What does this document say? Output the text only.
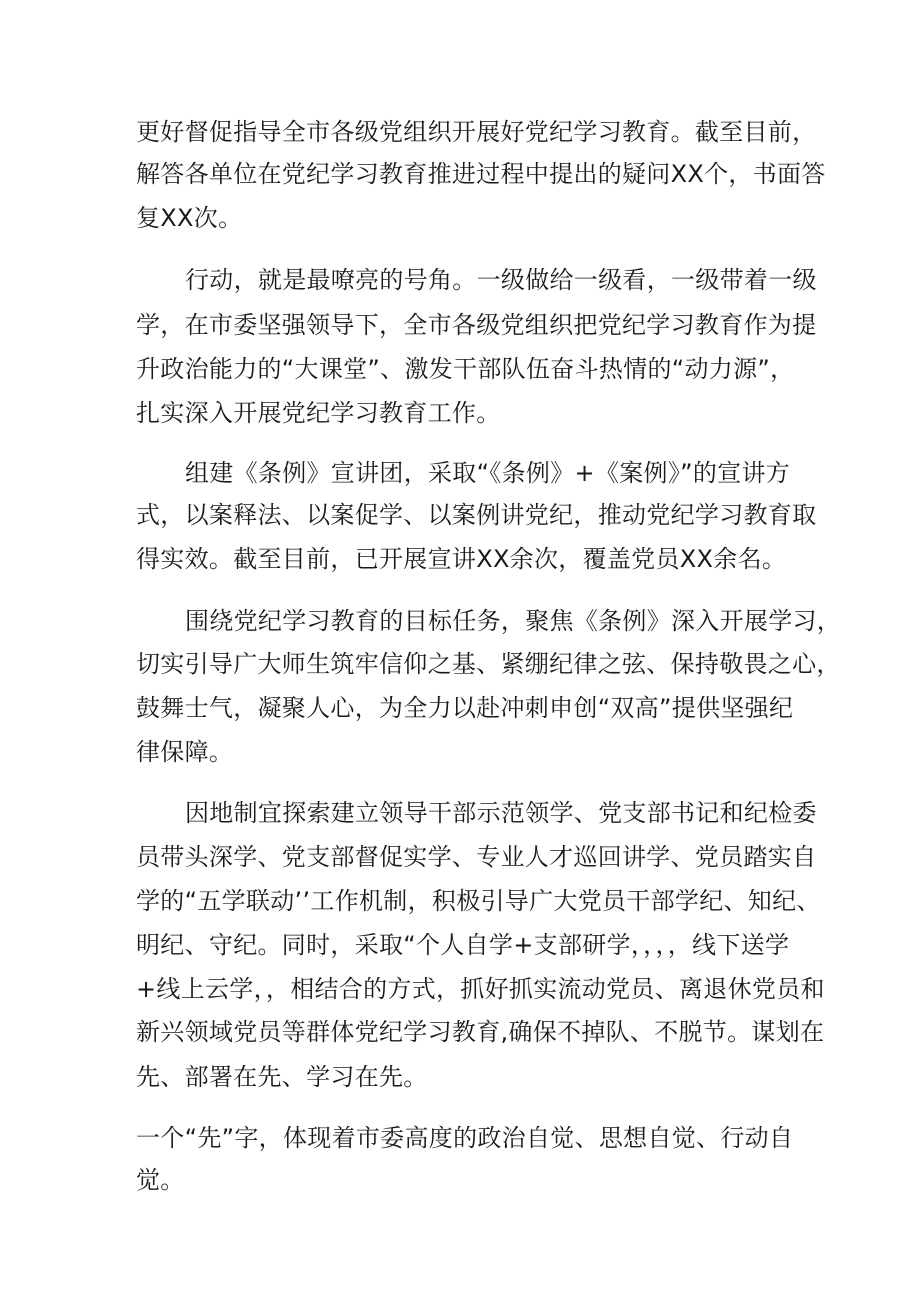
更好督促指导全市各级党组织开展好党纪学习教育。截至目前，
解答各单位在党纪学习教育推进过程中提出的疑问XX个，书面答
复XX次。
行动，就是最嘹亮的号角。一级做给一级看，一级带着一级
学，在市委坚强领导下，全市各级党组织把党纪学习教育作为提
升政治能力的“大课堂”、激发干部队伍奋斗热情的“动力源”，
扎实深入开展党纪学习教育工作。
组建《条例》宣讲团，采取“《条例》+《案例》”的宣讲方
式，以案释法、以案促学、以案例讲党纪，推动党纪学习教育取
得实效。截至目前，已开展宣讲XX余次，覆盖党员XX余名。
围绕党纪学习教育的目标任务，聚焦《条例》深入开展学习，
切实引导广大师生筑牢信仰之基、紧绷纪律之弦、保持敬畏之心，
鼓舞士气，凝聚人心，为全力以赴冲刺申创“双高”提供坚强纪
律保障。
因地制宜探索建立领导干部示范领学、党支部书记和纪检委
员带头深学、党支部督促实学、专业人才巡回讲学、党员踏实自
学的“五学联动’’工作机制，积极引导广大党员干部学纪、知纪、
明纪、守纪。同时，采取“个人自学+支部研学，，，，线下送学
+线上云学，，相结合的方式，抓好抓实流动党员、离退休党员和
新兴领域党员等群体党纪学习教育,确保不掉队、不脱节。谋划在
先、部署在先、学习在先。
一个“先”字，体现着市委高度的政治自觉、思想自觉、行动自
觉。
